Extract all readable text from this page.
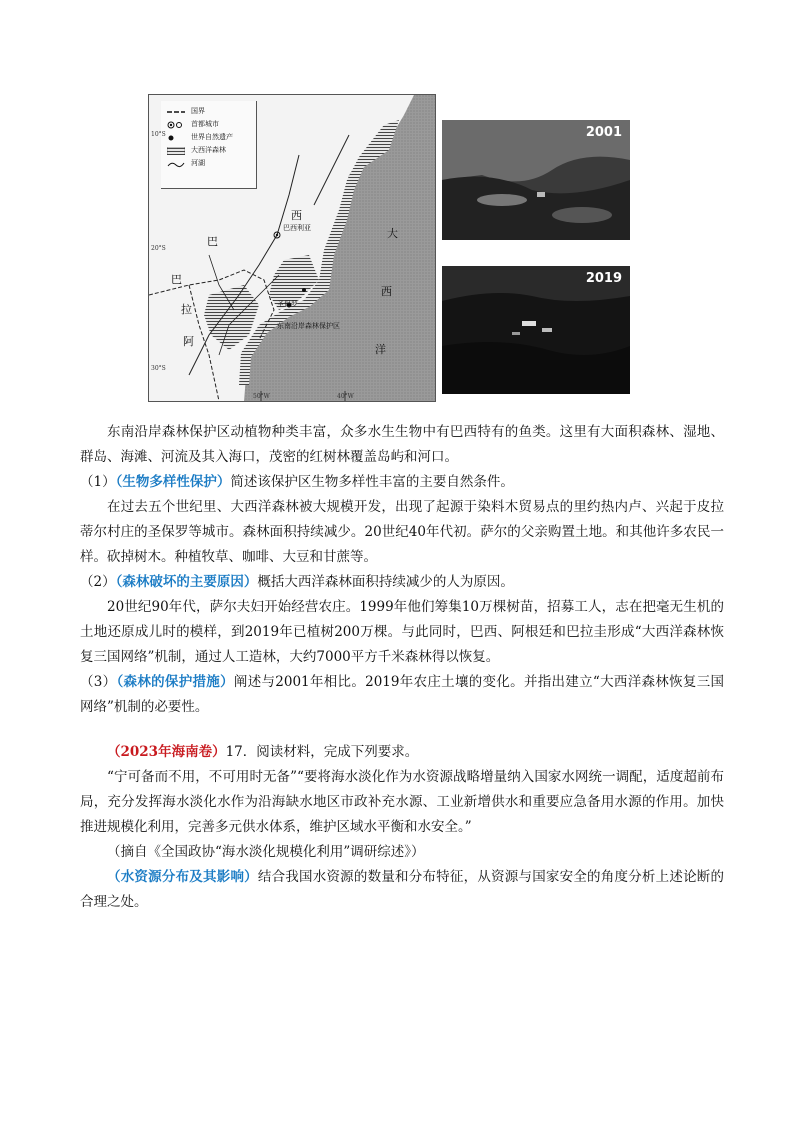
国界
首都城市
世界自然遗产
大西洋森林
河湖
巴
西
巴
拉
阿
大
西
洋
巴西利亚
圣保罗
东南沿岸森林保护区
10°S
20°S
30°S
50°W	40°W
2001
2019

东南沿岸森林保护区动植物种类丰富，众多水生生物中有巴西特有的鱼类。这里有大面积森林、湿地、群岛、海滩、河流及其入海口，茂密的红树林覆盖岛屿和河口。

（1）（生物多样性保护）简述该保护区生物多样性丰富的主要自然条件。

在过去五个世纪里、大西洋森林被大规模开发，出现了起源于染料木贸易点的里约热内卢、兴起于皮拉蒂尔村庄的圣保罗等城市。森林面积持续减少。20世纪40年代初。萨尔的父亲购置土地。和其他许多农民一样。砍掉树木。种植牧草、咖啡、大豆和甘蔗等。

（2）（森林破坏的主要原因）概括大西洋森林面积持续减少的人为原因。

20世纪90年代，萨尔夫妇开始经营农庄。1999年他们筹集10万棵树苗，招募工人，志在把毫无生机的土地还原成儿时的模样，到2019年已植树200万棵。与此同时，巴西、阿根廷和巴拉圭形成“大西洋森林恢复三国网络”机制，通过人工造林，大约7000平方千米森林得以恢复。

（3）（森林的保护措施）阐述与2001年相比。2019年农庄土壤的变化。并指出建立“大西洋森林恢复三国网络”机制的必要性。

（2023年海南卷）17．阅读材料，完成下列要求。

“宁可备而不用，不可用时无备”“要将海水淡化作为水资源战略增量纳入国家水网统一调配，适度超前布局，充分发挥海水淡化水作为沿海缺水地区市政补充水源、工业新增供水和重要应急备用水源的作用。加快推进规模化利用，完善多元供水体系，维护区域水平衡和水安全。”

（摘自《全国政协“海水淡化规模化利用”调研综述》）

（水资源分布及其影响）结合我国水资源的数量和分布特征，从资源与国家安全的角度分析上述论断的合理之处。
